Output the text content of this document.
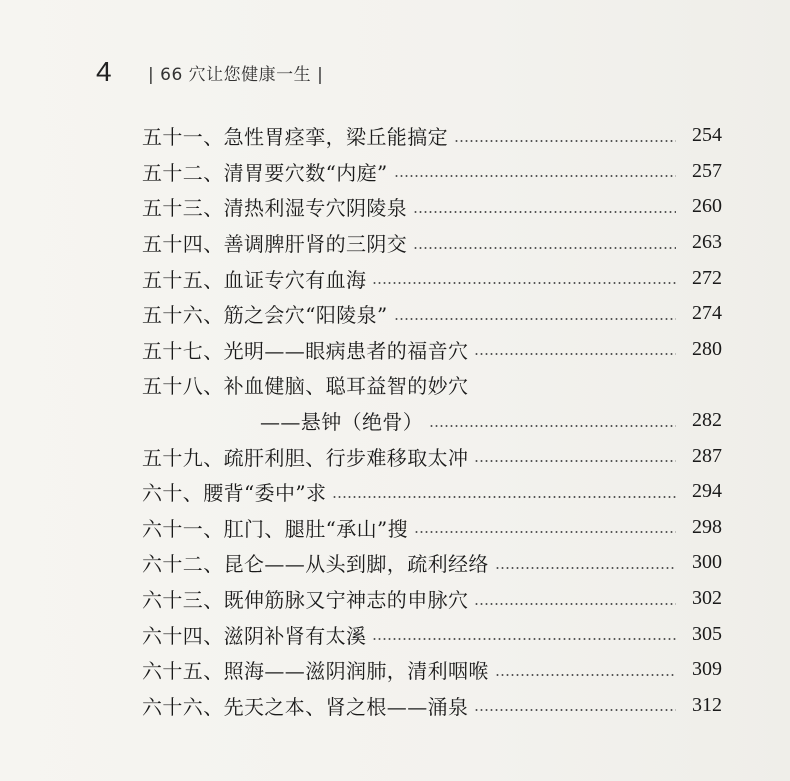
4	| 66 穴让您健康一生 |
五十一、急性胃痉挛，梁丘能搞定	254
五十二、清胃要穴数“内庭”	257
五十三、清热利湿专穴阴陵泉	260
五十四、善调脾肝肾的三阴交	263
五十五、血证专穴有血海	272
五十六、筋之会穴“阳陵泉”	274
五十七、光明——眼病患者的福音穴	280
五十八、补血健脑、聪耳益智的妙穴
——悬钟（绝骨）	282
五十九、疏肝利胆、行步难移取太冲	287
六十、腰背“委中”求	294
六十一、肛门、腿肚“承山”搜	298
六十二、昆仑——从头到脚，疏利经络	300
六十三、既伸筋脉又宁神志的申脉穴	302
六十四、滋阴补肾有太溪	305
六十五、照海——滋阴润肺，清利咽喉	309
六十六、先天之本、肾之根——涌泉	312
